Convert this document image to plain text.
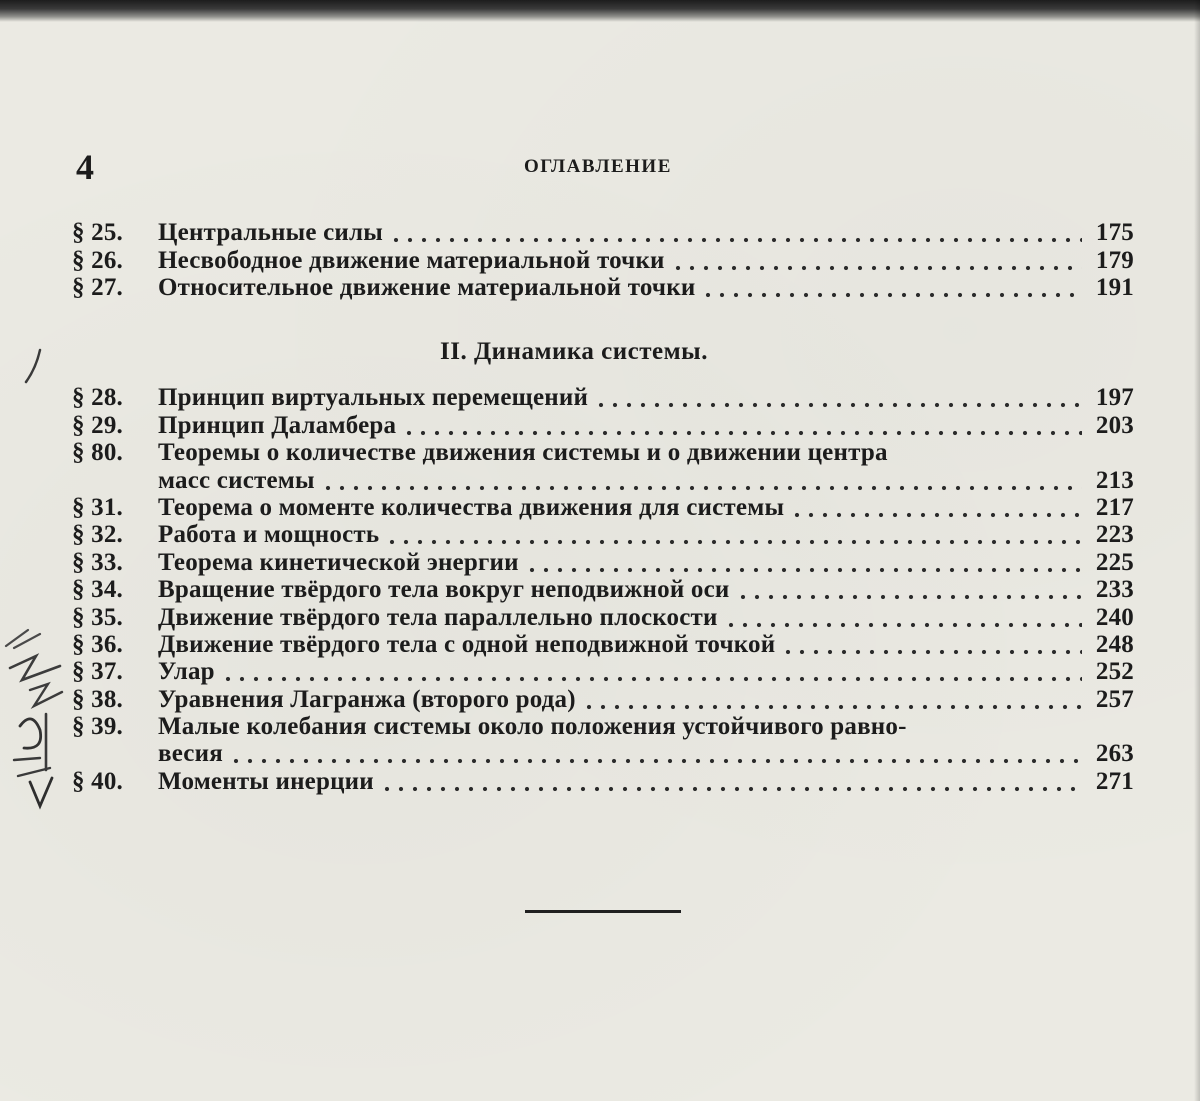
4	ОГЛАВЛЕНИЕ
§ 25.	Центральные силы	175
§ 26.	Несвободное движение материальной точки	179
§ 27.	Относительное движение материальной точки	191
II. Динамика системы.
§ 28.	Принцип виртуальных перемещений	197
§ 29.	Принцип Даламбера	203
§ 80.	Теоремы о количестве движения системы и о движении центра
масс системы	213
§ 31.	Теорема о моменте количества движения для системы	217
§ 32.	Работа и мощность	223
§ 33.	Теорема кинетической энергии	225
§ 34.	Вращение твёрдого тела вокруг неподвижной оси	233
§ 35.	Движение твёрдого тела параллельно плоскости	240
§ 36.	Движение твёрдого тела с одной неподвижной точкой	248
§ 37.	Улар	252
§ 38.	Уравнения Лагранжа (второго рода)	257
§ 39.	Малые колебания системы около положения устойчивого равно-
весия	263
§ 40.	Моменты инерции	271
